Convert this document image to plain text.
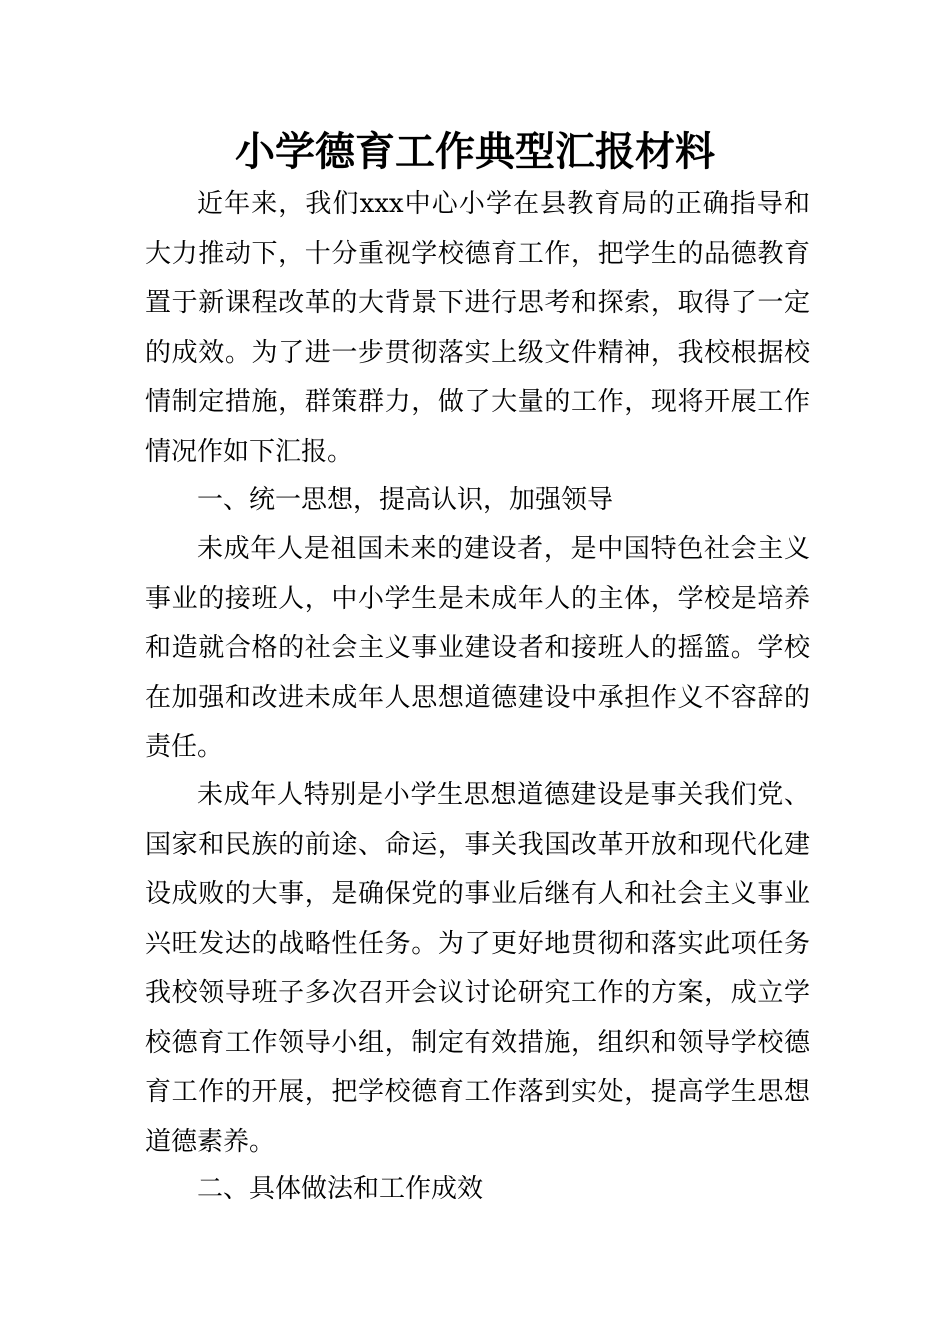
小学德育工作典型汇报材料

近年来，我们xxx中心小学在县教育局的正确指导和大力推动下，十分重视学校德育工作，把学生的品德教育置于新课程改革的大背景下进行思考和探索，取得了一定的成效。为了进一步贯彻落实上级文件精神，我校根据校情制定措施，群策群力，做了大量的工作，现将开展工作情况作如下汇报。

一、统一思想，提高认识，加强领导

未成年人是祖国未来的建设者，是中国特色社会主义事业的接班人，中小学生是未成年人的主体，学校是培养和造就合格的社会主义事业建设者和接班人的摇篮。学校在加强和改进未成年人思想道德建设中承担作义不容辞的责任。

未成年人特别是小学生思想道德建设是事关我们党、国家和民族的前途、命运，事关我国改革开放和现代化建设成败的大事，是确保党的事业后继有人和社会主义事业兴旺发达的战略性任务。为了更好地贯彻和落实此项任务我校领导班子多次召开会议讨论研究工作的方案，成立学校德育工作领导小组，制定有效措施，组织和领导学校德育工作的开展，把学校德育工作落到实处，提高学生思想道德素养。

二、具体做法和工作成效
